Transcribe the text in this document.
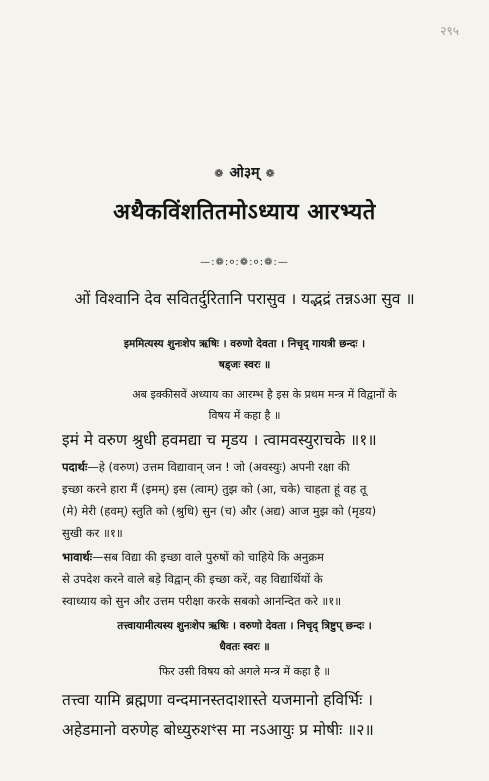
२९५
❁ ओ३म् ❁
अथैकविंशतितमोऽध्याय आरभ्यते
—:❁:०:❁:०:❁:—
ओं विश्वानि देव सवितर्दुरितानि परासुव । यद्भद्रं तन्नऽआ सुव ॥
इममित्यस्य शुनःशेप ऋषिः । वरुणो देवता । निचृद् गायत्री छन्दः ।
षड्जः स्वरः ॥
अब इक्कीसवें अध्याय का आरम्भ है इस के प्रथम मन्त्र में विद्वानों के
विषय में कहा है ॥
इमं मे वरुण श्रुधी हवमद्या च मृडय । त्वामवस्युराचके ॥१॥
पदार्थः—हे (वरुण) उत्तम विद्यावान् जन ! जो (अवस्युः) अपनी रक्षा की
इच्छा करने हारा मैं (इमम्) इस (त्वाम्) तुझ को (आ, चके) चाहता हूं वह तू
(मे) मेरी (हवम्) स्तुति को (श्रुधि) सुन (च) और (अद्य) आज मुझ को (मृडय)
सुखी कर ॥१॥
भावार्थः—सब विद्या की इच्छा वाले पुरुषों को चाहिये कि अनुक्रम
से उपदेश करने वाले बड़े विद्वान् की इच्छा करें, वह विद्यार्थियों के
स्वाध्याय को सुन और उत्तम परीक्षा करके सबको आनन्दित करे ॥१॥
तत्त्वायामीत्यस्य शुनःशेप ऋषिः । वरुणो देवता । निचृद् त्रिष्टुप् छन्दः ।
धैवतः स्वरः ॥
फिर उसी विषय को अगले मन्त्र में कहा है ॥
तत्त्वा यामि ब्रह्मणा वन्दमानस्तदाशास्ते यजमानो हविर्भिः ।
अहेडमानो वरुणेह बोध्युरुशꣳस मा नऽआयुः प्र मोषीः ॥२॥
